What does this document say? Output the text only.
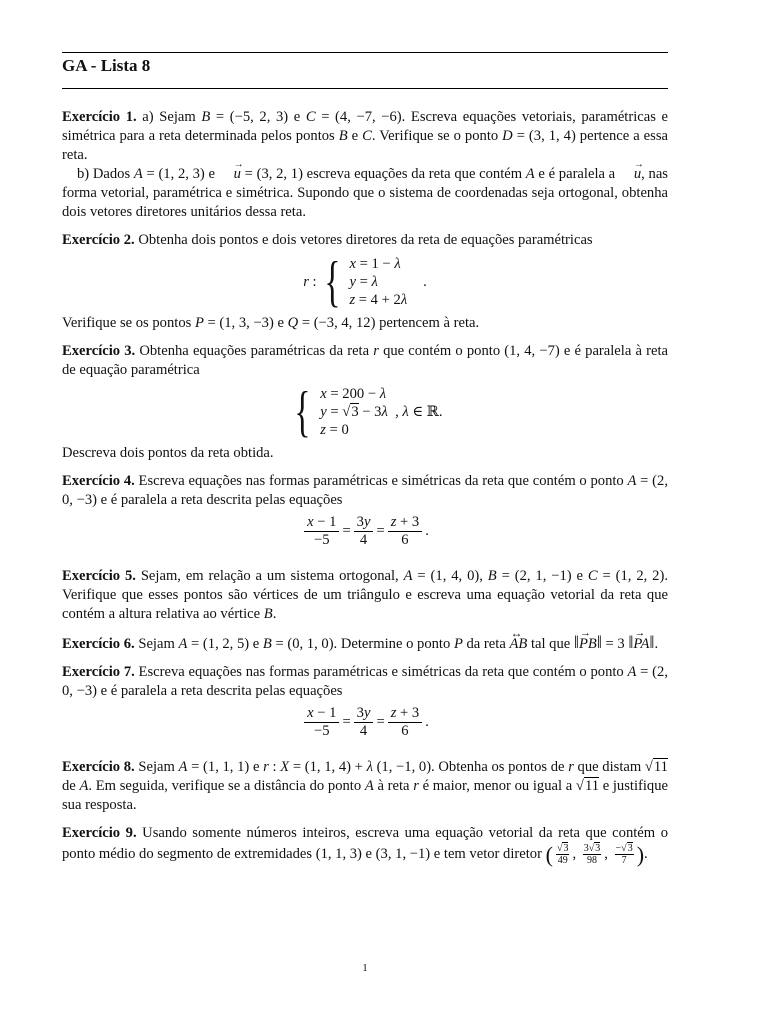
GA - Lista 8

Exercício 1. a) Sejam B = (−5, 2, 3) e C = (4, −7, −6). Escreva equações vetoriais, paramétricas e simétrica para a reta determinada pelos pontos B e C. Verifique se o ponto D = (3, 1, 4) pertence a essa reta.

b) Dados A = (1, 2, 3) e → u = (3, 2, 1) escreva equações da reta que contém A e é paralela a → u, nas forma vetorial, paramétrica e simétrica. Supondo que o sistema de coordenadas seja ortogonal, obtenha dois vetores diretores unitários dessa reta.

Exercício 2. Obtenha dois pontos e dois vetores diretores da reta de equações paramétricas

r : { x = 1 − λ
y = λ
z = 4 + 2λ
.

Verifique se os pontos P = (1, 3, −3) e Q = (−3, 4, 12) pertencem à reta.

Exercício 3. Obtenha equações paramétricas da reta r que contém o ponto (1, 4, −7) e é paralela à reta de equação paramétrica

{ x = 200 − λ
y = √3 − 3λ  , λ ∈ ℝ.
z = 0

Descreva dois pontos da reta obtida.

Exercício 4. Escreva equações nas formas paramétricas e simétricas da reta que contém o ponto A = (2, 0, −3) e é paralela a reta descrita pelas equações

$\frac{x - 1}{-5} = \frac{3y}{4} = \frac{z + 3}{6}$ .

Exercício 5. Sejam, em relação a um sistema ortogonal, A = (1, 4, 0), B = (2, 1, −1) e C = (1, 2, 2). Verifique que esses pontos são vértices de um triângulo e escreva uma equação vetorial da reta que contém a altura relativa ao vértice B.

Exercício 6. Sejam A = (1, 2, 5) e B = (0, 1, 0). Determine o ponto P da reta ↔ AB tal que ‖→ PB‖ = 3 ‖→ PA‖.

Exercício 7. Escreva equações nas formas paramétricas e simétricas da reta que contém o ponto A = (2, 0, −3) e é paralela a reta descrita pelas equações

$\frac{x - 1}{-5} = \frac{3y}{4} = \frac{z + 3}{6}$ .

Exercício 8. Sejam A = (1, 1, 1) e r : X = (1, 1, 4) + λ (1, −1, 0). Obtenha os pontos de r que distam √11 de A. Em seguida, verifique se a distância do ponto A à reta r é maior, menor ou igual a √11 e justifique sua resposta.

Exercício 9. Usando somente números inteiros, escreva uma equação vetorial da reta que contém o ponto médio do segmento de extremidades (1, 1, 3) e (3, 1, −1) e tem vetor diretor ( $\frac{√3}{49}$ , $\frac{3√3}{98}$ , $\frac{-√3}{7}$ ).

1
